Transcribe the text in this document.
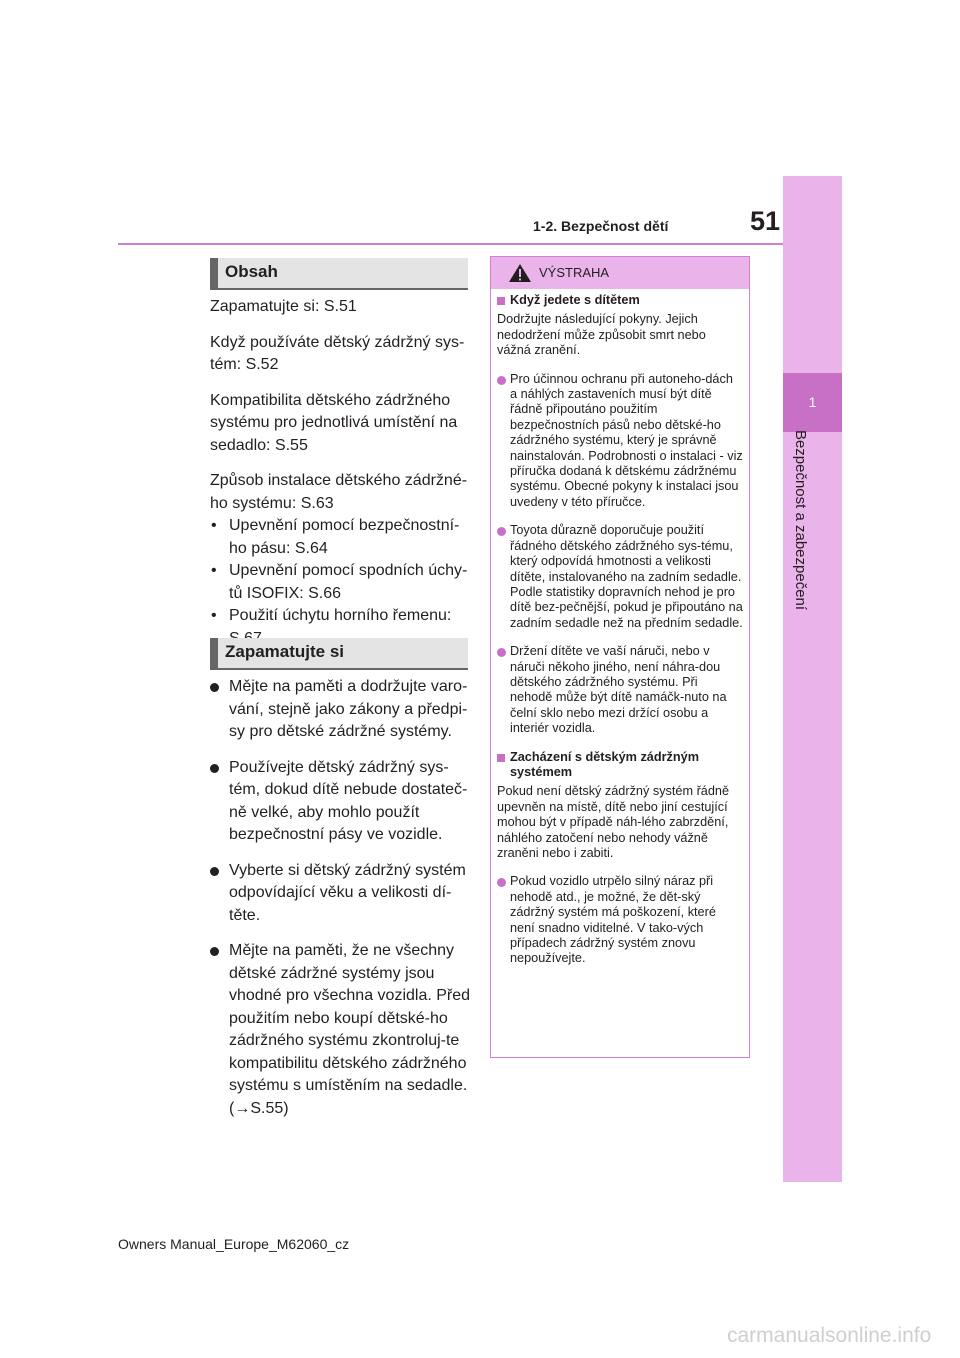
1
Bezpečnost a zabezpečení
1-2. Bezpečnost dětí	51
Obsah

Zapamatujte si: S.51

Když používáte dětský zádržný sys-tém: S.52

Kompatibilita dětského zádržného systému pro jednotlivá umístění na sedadlo: S.55

Způsob instalace dětského zádržné-ho systému: S.63

• Upevnění pomocí bezpečnostní-ho pásu: S.64
• Upevnění pomocí spodních úchy-tů ISOFIX: S.66
• Použití úchytu horního řemenu:
Zapamatujte si
Mějte na paměti a dodržujte varo-vání, stejně jako zákony a předpi-sy pro dětské zádržné systémy.
Používejte dětský zádržný sys-tém, dokud dítě nebude dostateč-ně velké, aby mohlo použít bezpečnostní pásy ve vozidle.
Vyberte si dětský zádržný systém odpovídající věku a velikosti dí-těte.
Mějte na paměti, že ne všechny dětské zádržné systémy jsou vhodné pro všechna vozidla. Před použitím nebo koupí dětské-ho zádržného systému zkontroluj-te kompatibilitu dětského zádržného systému s umístěním na sedadle. (→S.55)
VÝSTRAHA

Když jedete s dítětem

Dodržujte následující pokyny. Jejich nedodržení může způsobit smrt nebo vážná zranění.

Pro účinnou ochranu při autoneho-dách a náhlých zastaveních musí být dítě řádně připoutáno použitím bezpečnostních pásů nebo dětské-ho zádržného systému, který je správně nainstalován. Podrobnosti o instalaci - viz příručka dodaná k dětskému zádržnému systému. Obecné pokyny k instalaci jsou uvedeny v této příručce.
Toyota důrazně doporučuje použití řádného dětského zádržného sys-tému, který odpovídá hmotnosti a velikosti dítěte, instalovaného na zadním sedadle. Podle statistiky dopravních nehod je pro dítě bez-pečnější, pokud je připoutáno na zadním sedadle než na předním sedadle.
Držení dítěte ve vaší náruči, nebo v náruči někoho jiného, není náhra-dou dětského zádržného systému. Při nehodě může být dítě namáčk-nuto na čelní sklo nebo mezi držící osobu a interiér vozidla.

Zacházení s dětským zádržným systémem

Pokud není dětský zádržný systém řádně upevněn na místě, dítě nebo jiní cestující mohou být v případě náh-lého zabrzdění, náhlého zatočení nebo nehody vážně zraněni nebo i zabiti.

Pokud vozidlo utrpělo silný náraz při nehodě atd., je možné, že dět-ský zádržný systém má poškození, které není snadno viditelné. V tako-vých případech zádržný systém znovu nepoužívejte.
Owners Manual_Europe_M62060_cz
carmanualsonline.info
